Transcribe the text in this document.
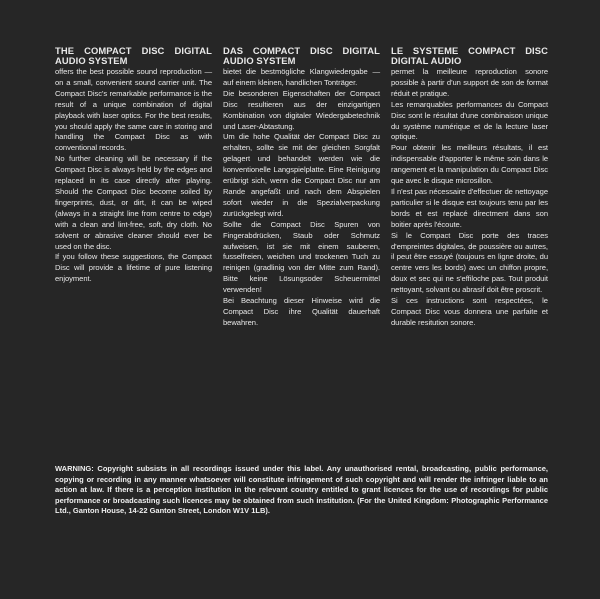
THE COMPACT DISC DIGITAL AUDIO SYSTEM

offers the best possible sound reproduction — on a small, convenient sound carrier unit. The Compact Disc's remarkable performance is the result of a unique combination of digital playback with laser optics. For the best results, you should apply the same care in storing and handling the Compact Disc as with conventional records.

No further cleaning will be necessary if the Compact Disc is always held by the edges and replaced in its case directly after playing. Should the Compact Disc become soiled by fingerprints, dust, or dirt, it can be wiped (always in a straight line from centre to edge) with a clean and lint-free, soft, dry cloth. No solvent or abrasive cleaner should ever be used on the disc.

If you follow these suggestions, the Compact Disc will provide a lifetime of pure listening enjoyment.

DAS COMPACT DISC DIGITAL AUDIO SYSTEM

bietet die bestmögliche Klangwiedergabe — auf einem kleinen, handlichen Tonträger.

Die besonderen Eigenschaften der Compact Disc resultieren aus der einzigartigen Kombination von digitaler Wiedergabetechnik und Laser-Abtastung.

Um die hohe Qualität der Compact Disc zu erhalten, sollte sie mit der gleichen Sorgfalt gelagert und behandelt werden wie die konventionelle Langspielplatte. Eine Reinigung erübrigt sich, wenn die Compact Disc nur am Rande angefaßt und nach dem Abspielen sofort wieder in die Spezialverpackung zurückgelegt wird.

Sollte die Compact Disc Spuren von Fingerabdrücken, Staub oder Schmutz aufweisen, ist sie mit einem sauberen, fusselfreien, weichen und trockenen Tuch zu reinigen (gradlinig von der Mitte zum Rand). Bitte keine Lösungsoder Scheuermittel verwenden!

Bei Beachtung dieser Hinweise wird die Compact Disc ihre Qualität dauerhaft bewahren.

LE SYSTEME COMPACT DISC DIGITAL AUDIO

permet la meilleure reproduction sonore possible à partir d'un support de son de format réduit et pratique.

Les remarquables performances du Compact Disc sont le résultat d'une combinaison unique du système numérique et de la lecture laser optique.

Pour obtenir les meilleurs résultats, il est indispensable d'apporter le même soin dans le rangement et la manipulation du Compact Disc que avec le disque microsillon.

Il n'est pas nécessaire d'effectuer de nettoyage particulier si le disque est toujours tenu par les bords et est replacé directment dans son boitier après l'écoute.

Si le Compact Disc porte des traces d'empreintes digitales, de poussière ou autres, il peut être essuyé (toujours en ligne droite, du centre vers les bords) avec un chiffon propre, doux et sec qui ne s'effiloche pas. Tout produit nettoyant, solvant ou abrasif doit être proscrit.

Si ces instructions sont respectées, le Compact Disc vous donnera une parfaite et durable resitution sonore.

WARNING: Copyright subsists in all recordings issued under this label. Any unauthorised rental, broadcasting, public performance, copying or recording in any manner whatsoever will constitute infringement of such copyright and will render the infringer liable to an action at law. If there is a perception institution in the relevant country entitled to grant licences for the use of recordings for public performance or broadcasting such licences may be obtained from such institution. (For the United Kingdom: Photographic Performance Ltd., Ganton House, 14-22 Ganton Street, London W1V 1LB).
